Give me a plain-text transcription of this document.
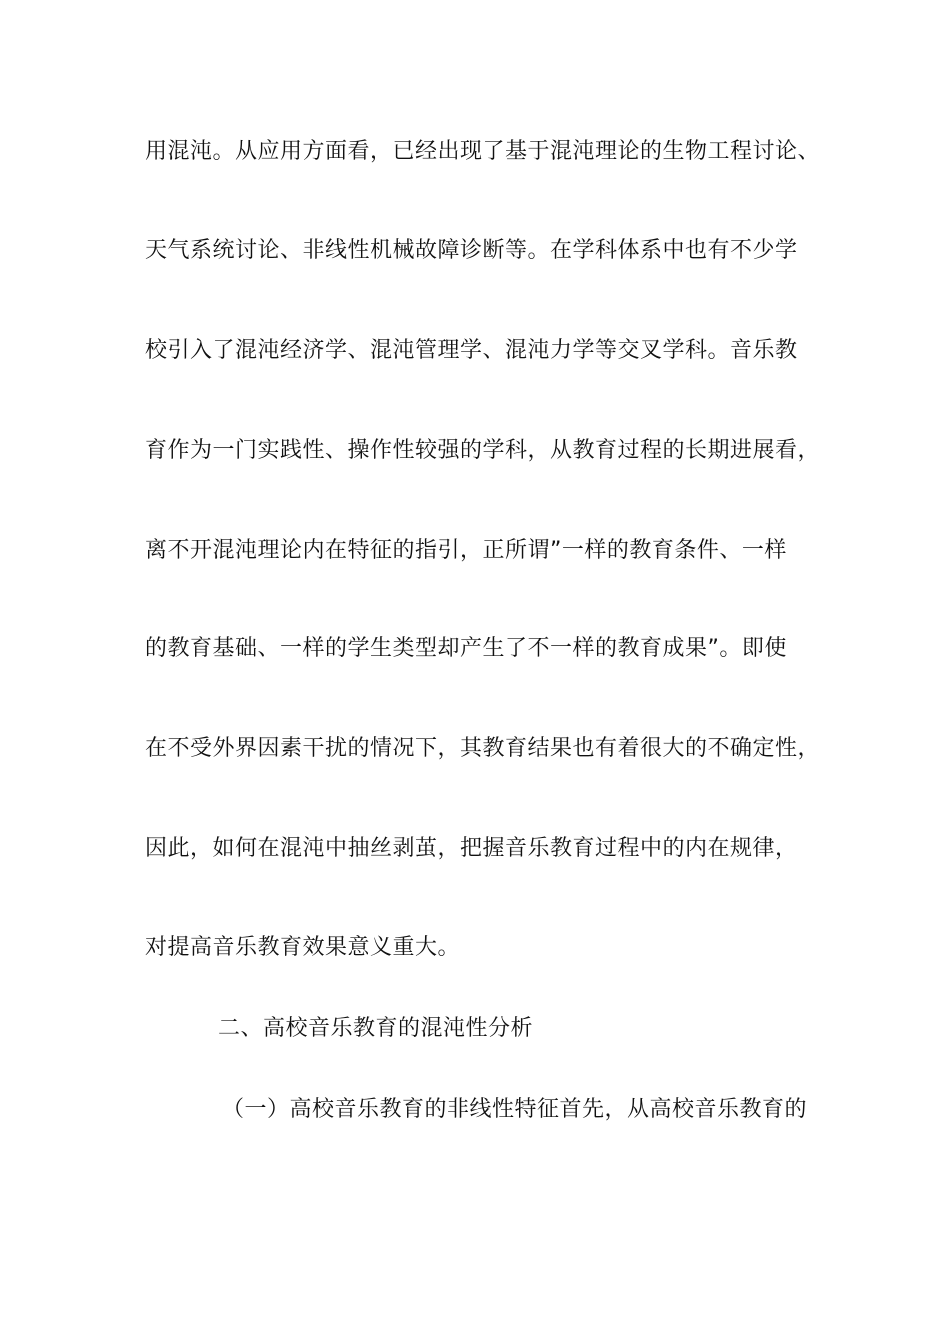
用混沌。从应用方面看，已经出现了基于混沌理论的生物工程讨论、
天气系统讨论、非线性机械故障诊断等。在学科体系中也有不少学
校引入了混沌经济学、混沌管理学、混沌力学等交叉学科。音乐教
育作为一门实践性、操作性较强的学科，从教育过程的长期进展看，
离不开混沌理论内在特征的指引，正所谓”一样的教育条件、一样
的教育基础、一样的学生类型却产生了不一样的教育成果”。即使
在不受外界因素干扰的情况下，其教育结果也有着很大的不确定性，
因此，如何在混沌中抽丝剥茧，把握音乐教育过程中的内在规律，
对提高音乐教育效果意义重大。
二、高校音乐教育的混沌性分析
（一）高校音乐教育的非线性特征首先，从高校音乐教育的
